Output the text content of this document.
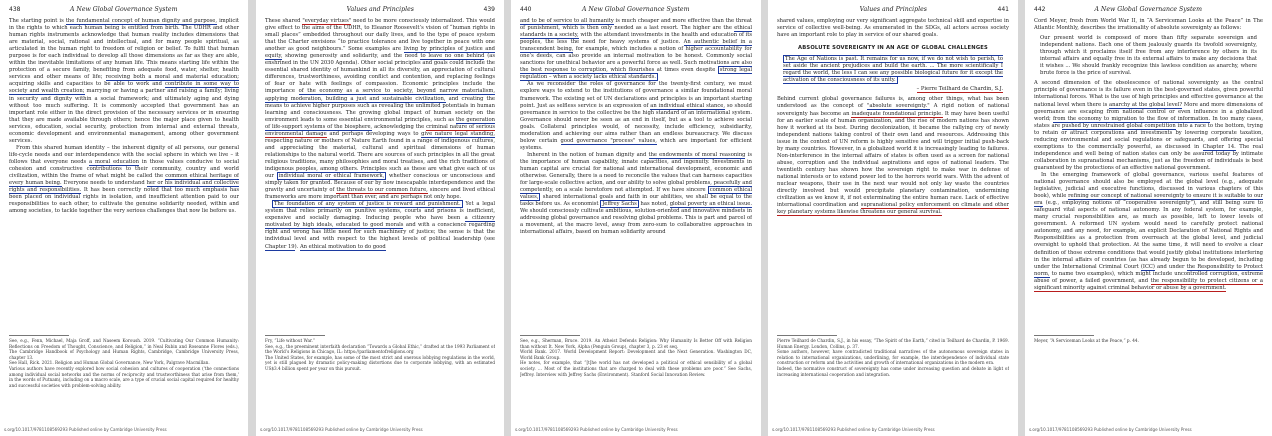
438	A New Global Governance System

The starting point is the fundamental concept of human dignity and purpose, implicit in the rights to which each human being is entitled from birth. The UDHR and other human rights instruments acknowledge that human reality includes dimensions that are material, social, rational and intellectual, and for many people spiritual, as articulated in the human right to freedom of religion or belief. To fulfil that human purpose is for each individual to develop all those dimensions as far as they are able, within the inevitable limitations of any human life. This means starting life within the protection of a secure family, benefiting from adequate food, water, shelter, health services and other means of life; receiving both a moral and material education; acquiring skills and capacities to be able to work and contribute in some way to society and wealth creation; marrying or having a partner and raising a family; living in security and dignity within a social framework; and ultimately aging and dying without too much suffering. It is commonly accepted that government has an important role either in the direct provision of the necessary services or in ensuring that they are made available through others; hence the major place given to health services, education, social security, protection from internal and external threats, economic development and environmental management, among other government services.

From this shared human identity – the inherent dignity of all persons, our general life-cycle needs and our interdependence with the social sphere in which we live – it follows that everyone needs a moral education in those values conducive to social cohesion and constructive contributions to their community, country and world civilization, within the frame of what might be called the common ethical heritage of every human being. Everyone needs to understand her or his individual and collective rights and responsibilities. It has been correctly noted that too much emphasis has been placed on individual rights in isolation, and insufficient attention paid to our responsibilities to each other, to cultivate the genuine solidarity needed, within and among societies, to tackle together the very serious challenges that now lie before us.

See, e.g., Fenn, Michael, Maja Groff, and Naseem Koroush. 2019. “Cultivating Our Common Humanity: Reflections on Freedom of Thought, Conscience, and Religion,” in Neal Rubin and Roseanne Flores (eds.), The Cambridge Handbook of Psychology and Human Rights, Cambridge, Cambridge University Press, chapter 13.

See Hall, Rick. 2021. Religion and Human Global Governance, New York, Palgrave Macmillan.

Various authors have recently explored how social cohesion and cultures of cooperation ('the connections among individual social networks and the norms of reciprocity and trustworthiness that arise from them,' in the words of Putnam), including on a macro scale, are a type of crucial social capital required for healthy and successful societies with problem-solving ability.

s.org/10.1017/9781108569293 Published online by Cambridge University Press
Values and Principles	439

These shared "everyday virtues" need to be more consciously internalized. This would give effect to the aims of the UDHR, to Eleanor Roosevelt’s vision of “human rights in small places” embedded throughout our daily lives, and to the type of peace system that the Charter envisions “to practice tolerance and live together in peace with one another as good neighbours.” Some examples are living by principles of justice and equity, showing generosity and solidarity, and the need to leave no one behind (as enshrined in the UN 2030 Agenda). Other social principles and goals could include the essential shared identity of humankind in all its diversity, an appreciation of cultural differences, trustworthiness, avoiding conflict and contention, and replacing feelings of fear or hate with feelings of compassion. Economic principles include the importance of the economy as a service to society, beyond narrow materialism, applying moderation, building a just and sustainable civilization, and creating the means to achieve higher purposes such as revealing the unlimited potentials in human learning and consciousness. The growing global impact of human society on the environment leads to some essential environmental principles, such as the generation of life-support systems of the biosphere, acknowledging the criminal nature of serious environmental damage and perhaps developing ways to give nature legal standing, respecting nature or mothers of Nature Earth found in a range of indigenous cultures, and appreciating the material, cultural and spiritual dimensions of human relationships to the natural world. There are sources of such principles in all the great religious traditions, many philosophies and moral treatises, and the rich traditions of indigenous peoples, among others. Principles such as these are what give each of us our individual moral or ethical framework, whether conscious or unconscious and simply taken for granted. Because of our by now inescapable interdependence and the gravity and uncertainty of the threats to our common future, sincere and lived ethical frameworks are more important than ever, and are perhaps not only hope.

The foundation of any system of justice is reward and punishment. Yet a legal system that relies primarily on punitive systems, courts and prisons is inefficient, expensive and socially damaging. Inducing people who have been a citizenry motivated by high ideals, educated to good morals and with a conscience regarding right and wrong has little need for such machinery of justice; the sense is that the individual level and with respect to the highest levels of political leadership (see Chapter 19). An ethical motivation to do good

Fry, “Life without War.”

See, e.g., the preeminent interfaith declaration “Towards a Global Ethic,” drafted at the 1993 Parliament of the World’s Religions in Chicago, IL: https://parliamentofreligions.org

The United States, for example, has some of the most strict and onerous lobbying regulations in the world, yet is still plagued by dramatic policy-making distortions due to corporate lobbying, with an estimated US$3.4 billion spent per year on this pursuit.

s.org/10.1017/9781108569293 Published online by Cambridge University Press
440	A New Global Governance System

and to be of service to all humanity is much cheaper and more effective than the threat of punishment, which is then only needed as a last resort. The higher are the ethical standards in a society, with the attendant investments in the health and education of its peoples, the less the need for heavy systems of justice. An authentic belief in a transcendent being, for example, which includes a notion of higher accountability for one’s deeds, can also provide an internal motivation to be honest. Commonly social sanctions for unethical behavior are a powerful force as well. Such motivations are also the best response to corruption, which flourishes at times even despite strong legal regulation – when a society lacks ethical standards.

As we reconsider the roles of governance for the twenty-first century, we must explore ways to extend to the institutions of governance a similar foundational moral framework. The existing set of UN declarations and principles is an important starting point. Just as selfless service is an expression of an individual ethical stance, so should governance in service to the collective be the high standard of an international system. Governance should never be seen as an end in itself, but as a tool to achieve social goals. Collateral principles would, of necessity, include efficiency, subsidiarity, moderation and achieving our aims rather than an endless bureaucracy. We discuss below certain good governance "process" values, which are important for efficient systems.

Inherent in the notion of human dignity and the endowments of moral reasoning is the importance of human capability, innate capacities, and ingenuity. Investments in human capital are crucial for national and international development, economic and otherwise. Generally, there is a need to reconcile the values that can harness capacities for large-scale collective action, and our ability to solve global problems, peacefully and competently, on a scale heretofore not attempted. If we have sincere common ethical values, shared international goals and faith in our abilities, we shall be equal to the tasks before us. As economist Jeffrey Sachs has noted, global poverty an ethical issue. We should consciously cultivate ambitious, solution-oriented and innovative mindsets in addressing global governance and resolving global problems. This is part and parcel of a movement, at the macro level, away from zero-sum to collaborative approaches in international affairs, based on human solidarity around

See, e.g., Sherman, Bruce. 2019. An Atheist Defends Religion: Why Humanity Is Better Off with Religion than without It. New York, Alpha (Penguin Group), chapter 3, p. 23 et seq.

World Bank. 2017. World Development Report: Development and the Next Generation. Washington DC, World Bank Group.

He notes, for example, that “[t]he world has not developed a political or ethical sensibility of a global society. ... Most of the institutions that are charged to deal with these problems are poor.” See Sachs, Jeffrey. Interview with Jeffrey Sachs (Environment). Stanford Social Innovation Review.

s.org/10.1017/9781108569293 Published online by Cambridge University Press
Values and Principles	441

shared values, employing our very significant aggregate technical skill and expertise in service of collective well-being. As enumerated in the SDGs, all actors across society have an important role to play in service of our shared goals.

ABSOLUTE SOVEREIGNTY IN AN AGE OF GLOBAL CHALLENGES
The Age of Nations is past. It remains for us now, if we do not wish to perish, to set aside the ancient prejudices and build the earth. ... The more scientifically I regard the world, the less I can see any possible biological future for it except the activation of the consciousness of its unity.
– Pierre Teilhard de Chardin, S.J.

Behind current global governance failures is, among other things, what has been understood as the concept of "absolute sovereignty." A rigid notion of national sovereignty has become an inadequate foundational principle. It may have been useful for an earlier scale of human organization, and the rise of modern nations has shown how it worked at its best. During decolonization, it became the rallying cry of newly independent nations taking control of their own land and resources. Addressing this issue in the context of UN reform is highly sensitive and will trigger initial push-back by many countries. However, in a globalized world it is increasingly leading to failures. Non-interference in the internal affairs of states is often used as a screen for national abuse, corruption and the individual aspirations and egos of national leaders. The twentieth century has shown how the sovereign right to make war in defense of national interests or to extend power led to the horrors world wars. With the advent of nuclear weapons, their use in the next war would not only lay waste the countries directly involved but would precipitate planetary contamination, undermining civilization as we know it, if not exterminating the entire human race. Lack of effective international coordination and supranational policy enforcement on climate and other key planetary systems likewise threatens our general survival.

Pierre Teilhard de Chardin, S.J., in his essay, “The Spirit of the Earth,” cited in Teilhard de Chardin, P. 1969. Human Energy. London, Collins, p. 37.

Some authors, however, have contradicted traditional narratives of the autonomous sovereign states in relation to international organizations, underlining, for example, the interdependence of individual state construction or reform and the activities and growth of international organizations in the modern era.

Indeed, the normative construct of sovereignty has come under increasing question and debate in light of increasing international cooperation and integration.

s.org/10.1017/9781108569293 Published online by Cambridge University Press
442	A New Global Governance System

Cord Meyer, fresh from World War II, in “A Serviceman Looks at the Peace” in The Atlantic Monthly, describes the irrationality of absolute sovereignty as follows:

Our present world is composed of more than fifty separate sovereign and independent nations. Each one of them jealously guards its twofold sovereignty, through which it proclaims itself free from any interference by others in its internal affairs and equally free in its external affairs to make any decisions that it wishes ... We should frankly recognize this lawless condition as anarchy, where brute force is the price of survival.

A second dimension of the obsolescence of national sovereignty as the central principle of governance is its failure even in the best-governed states, given powerful international forces. What is the use of high principles and effective governance at the national level when there is anarchy at the global level? More and more dimensions of governance are escaping from national control or even influence in a globalized world; from the economy to migration to the flow of information. In too many cases, states are pushed by unrestrained global competition into a race to the bottom, trying to retain or attract corporations and investments by lowering corporate taxation, reducing environmental and social regulations or safeguards, and offering special exemptions to the commercially powerful, as discussed in Chapter 14. The real independence and well being of nation states can only be assured today by intimate collaboration in supranational mechanisms, just as the freedom of individuals is best guaranteed by the protections of an effective national government.

In the emerging framework of global governance, various useful features of national governance should also be employed at the global level (e.g., adequate legislative, judicial and executive functions, discussed in various chapters of this book), while refining our concept of national sovereignty to ensure it is suitable to our era (e.g., employing notions of “cooperative sovereignty”), and still being sure to safeguard vital aspects of national autonomy. In any federal system, for example, many crucial responsibilities are, as much as possible, left to lower levels of government. A reformed UN system would need to carefully protect national autonomy, and any need, for example, an explicit Declaration of National Rights and Responsibilities as a protection from overreach at the global level, and judicial oversight to uphold that protection. At the same time, it will need to evolve a clear definition of those extreme conditions that would justify global institutions interfering in the internal affairs of countries (as has already begun to be developed, including under the International Criminal Court (ICC) and under the Responsibility to Protect norm, to name two examples), which might include uncontrolled corruption, extreme abuse of power, a failed government, and the responsibility to protect citizens or a significant minority against criminal behavior or abuse by a government.

Meyer, “A Serviceman Looks at the Peace,” p. 44.

s.org/10.1017/9781108569293 Published online by Cambridge University Press
